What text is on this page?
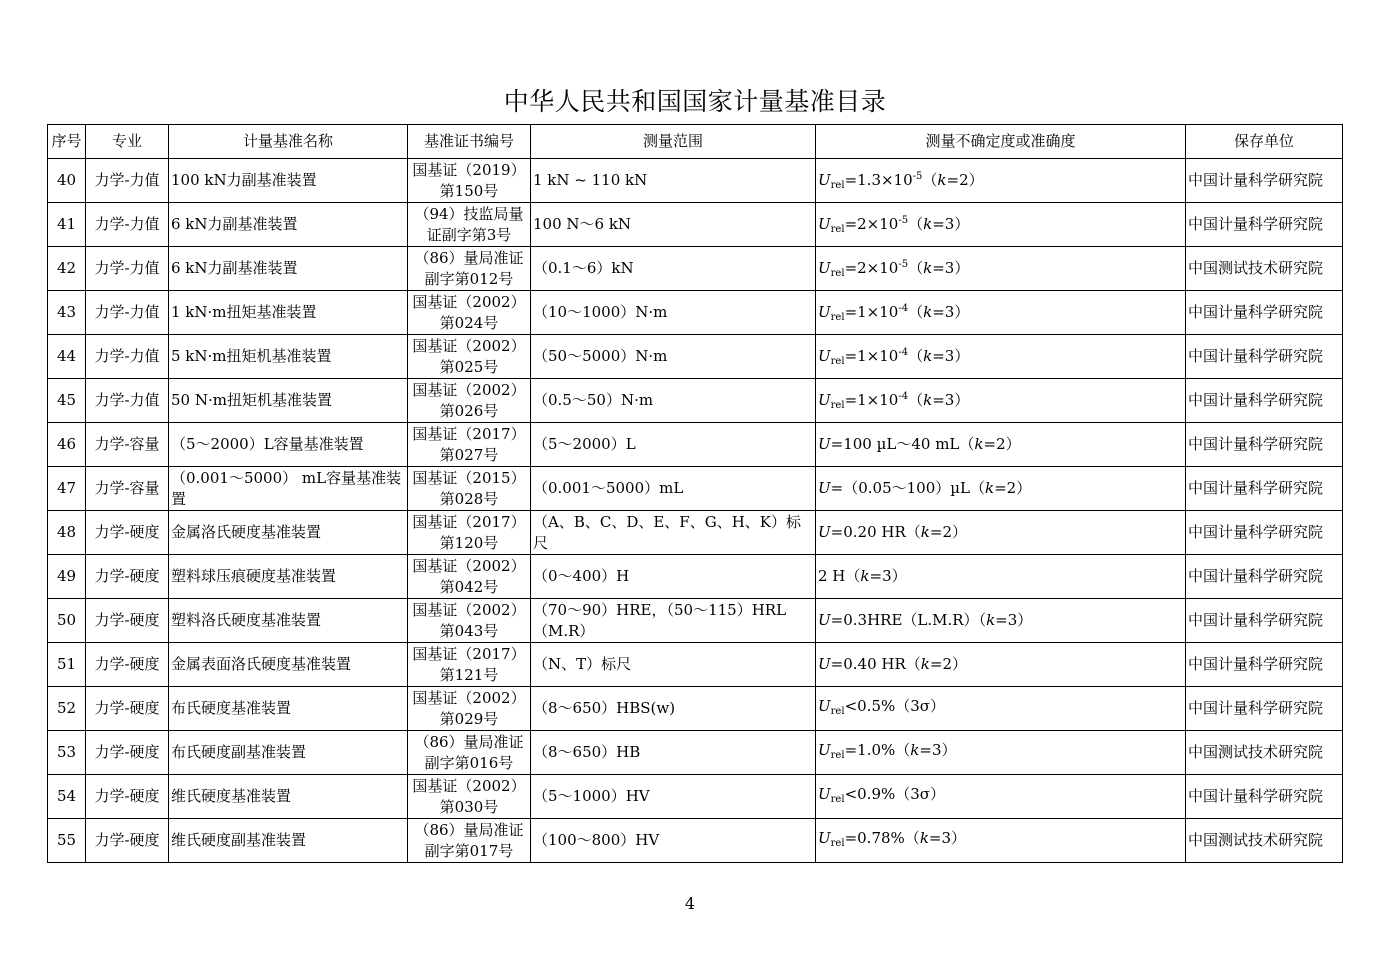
中华人民共和国国家计量基准目录
序号	专业	计量基准名称	基准证书编号	测量范围	测量不确定度或准确度	保存单位
40	力学-力值	100 kN力副基准装置	国基证（2019）第150号	1 kN ~ 110 kN	$U_{rel}=1.3\times 10^{-5}(k=2)$	中国计量科学研究院
41	力学-力值	6 kN力副基准装置	（94）技监局量证副字第3号	100 N～6 kN	$U_{rel}=2\times 10^{-5}(k=3)$	中国计量科学研究院
42	力学-力值	6 kN力副基准装置	（86）量局准证副字第012号	（0.1～6）kN	$U_{rel}=2\times 10^{-5}(k=3)$	中国测试技术研究院
43	力学-力值	1 kN·m扭矩基准装置	国基证（2002）第024号	（10～1000）N·m	$U_{rel}=1\times 10^{-4}(k=3)$	中国计量科学研究院
44	力学-力值	5 kN·m扭矩机基准装置	国基证（2002）第025号	（50～5000）N·m	$U_{rel}=1\times 10^{-4}(k=3)$	中国计量科学研究院
45	力学-力值	50 N·m扭矩机基准装置	国基证（2002）第026号	（0.5～50）N·m	$U_{rel}=1\times 10^{-4}(k=3)$	中国计量科学研究院
46	力学-容量	（5～2000）L容量基准装置	国基证（2017）第027号	（5～2000）L	U=100 µL～40 mL（k=2）	中国计量科学研究院
47	力学-容量	（0.001～5000） mL容量基准装置	国基证（2015）第028号	（0.001～5000）mL	U=（0.05～100）µL（k=2）	中国计量科学研究院
48	力学-硬度	金属洛氏硬度基准装置	国基证（2017）第120号	（A、B、C、D、E、F、G、H、K）标尺	U=0.20 HR（k=2）	中国计量科学研究院
49	力学-硬度	塑料球压痕硬度基准装置	国基证（2002）第042号	（0～400）H	2 H（k=3）	中国计量科学研究院
50	力学-硬度	塑料洛氏硬度基准装置	国基证（2002）第043号	（70～90）HRE，（50～115）HRL（M.R）	U=0.3HRE（L.M.R）（k=3）	中国计量科学研究院
51	力学-硬度	金属表面洛氏硬度基准装置	国基证（2017）第121号	（N、T）标尺	U=0.40 HR（k=2）	中国计量科学研究院
52	力学-硬度	布氏硬度基准装置	国基证（2002）第029号	（8～650）HBS(w)	$U_{rel}<0.5\%(3\sigma)$	中国计量科学研究院
53	力学-硬度	布氏硬度副基准装置	（86）量局准证副字第016号	（8～650）HB	$U_{rel}=1.0\%(k=3)$	中国测试技术研究院
54	力学-硬度	维氏硬度基准装置	国基证（2002）第030号	（5～1000）HV	$U_{rel}<0.9\%(3\sigma)$	中国计量科学研究院
55	力学-硬度	维氏硬度副基准装置	（86）量局准证副字第017号	（100～800）HV	$U_{rel}=0.78\%(k=3)$	中国测试技术研究院
4
